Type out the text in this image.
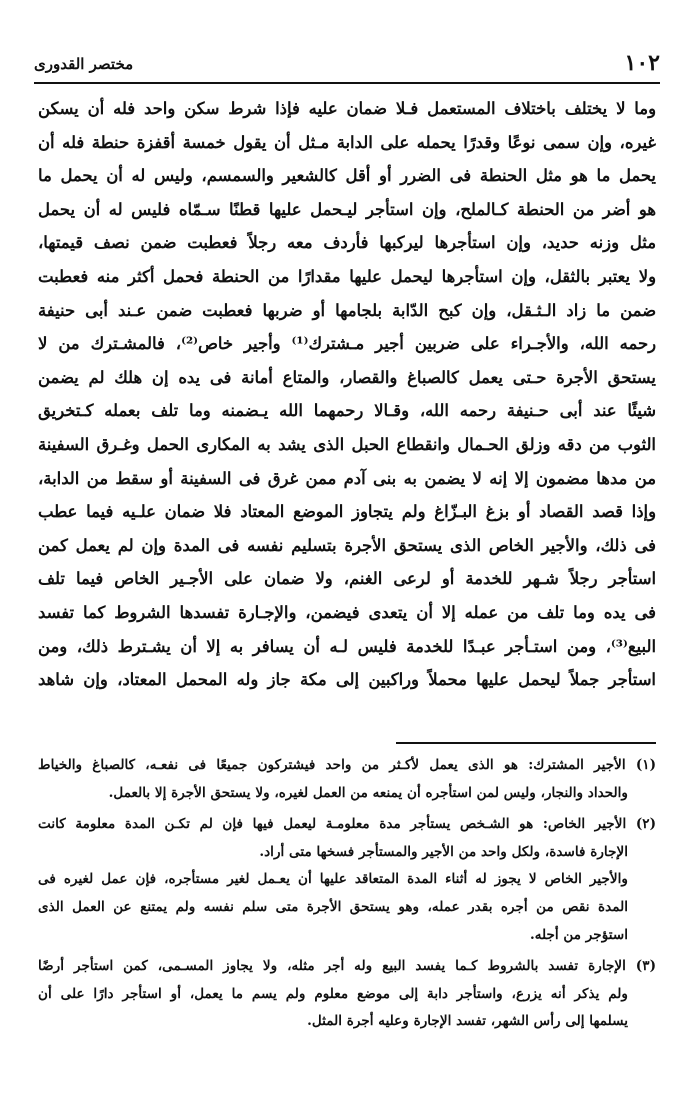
١٠٢
مختصر القدورى

وما لا يختلف باختلاف المستعمل فـلا ضمان عليه فإذا شرط سكن واحد فله أن يسكن

غيره، وإن سمى نوعًا وقدرًا يحمله على الدابة مـثل أن يقول خمسة أقفزة حنطة فله أن

يحمل ما هو مثل الحنطة فى الضرر أو أقل كالشعير والسمسم، وليس له أن يحمل ما

هو أضر من الحنطة كـالملح، وإن استأجر ليـحمل عليها قطنًا سـمّاه فليس له أن يحمل

مثل وزنه حديد، وإن استأجرها ليركبها فأردف معه رجلاً فعطبت ضمن نصف قيمتها،

ولا يعتبر بالثقل، وإن استأجرها ليحمل عليها مقدارًا من الحنطة فحمل أكثر منه فعطبت

ضمن ما زاد الـثـقل، وإن كبح الدّابة بلجامها أو ضربها فعطبت ضمن عـند أبى حنيفة

رحمه الله، والأجـراء على ضربين أجير مـشترك⁽¹⁾ وأجير خاص⁽²⁾، فالمشـترك من لا

يستحق الأجرة حـتى يعمل كالصباغ والقصار، والمتاع أمانة فى يده إن هلك لم يضمن

شيئًا عند أبى حـنيفة رحمه الله، وقـالا رحمهما الله يـضمنه وما تلف بعمله كـتخريق

الثوب من دقه وزلق الحـمال وانقطاع الحبل الذى يشد به المكارى الحمل وغـرق السفينة

من مدها مضمون إلا إنه لا يضمن به بنى آدم ممن غرق فى السفينة أو سقط من الدابة،

وإذا قصد القصاد أو بزغ البـزّاغ ولم يتجاوز الموضع المعتاد فلا ضمان علـيه فيما عطب

فى ذلك، والأجير الخاص الذى يستحق الأجرة بتسليم نفسه فى المدة وإن لم يعمل كمن

استأجر رجلاً شـهر للخدمة أو لرعى الغنم، ولا ضمان على الأجـير الخاص فيما تلف

فى يده وما تلف من عمله إلا أن يتعدى فيضمن، والإجـارة تفسدها الشروط كما تفسد

البيع⁽³⁾، ومن استـأجر عبـدًا للخدمة فليس لـه أن يسافر به إلا أن يشـترط ذلك، ومن

استأجر جملاً ليحمل عليها محملاً وراكبين إلى مكة جاز وله المحمل المعتاد، وإن شاهد

(١) الأجير المشترك: هو الذى يعمل لأكـثر من واحد فيشتركون جميعًا فى نفعـه، كالصباغ والخياط

والحداد والنجار، وليس لمن استأجره أن يمنعه من العمل لغيره، ولا يستحق الأجرة إلا بالعمل.

(٢) الأجير الخاص: هو الشـخص يستأجر مدة معلومـة ليعمل فيها فإن لم تكـن المدة معلومة كانت

الإجارة فاسدة، ولكل واحد من الأجير والمستأجر فسخها متى أراد.

والأجير الخاص لا يجوز له أثناء المدة المتعاقد عليها أن يعـمل لغير مستأجره، فإن عمل لغيره فى

المدة نقص من أجره بقدر عمله، وهو يستحق الأجرة متى سلم نفسه ولم يمتنع عن العمل الذى

استؤجر من أجله.

(٣) الإجارة تفسد بالشروط كـما يفسد البيع وله أجر مثله، ولا يجاوز المسـمى، كمن استأجر أرضًا

ولم يذكر أنه يزرع، واستأجر دابة إلى موضع معلوم ولم يسم ما يعمل، أو استأجر دارًا على أن

يسلمها إلى رأس الشهر، تفسد الإجارة وعليه أجرة المثل.
